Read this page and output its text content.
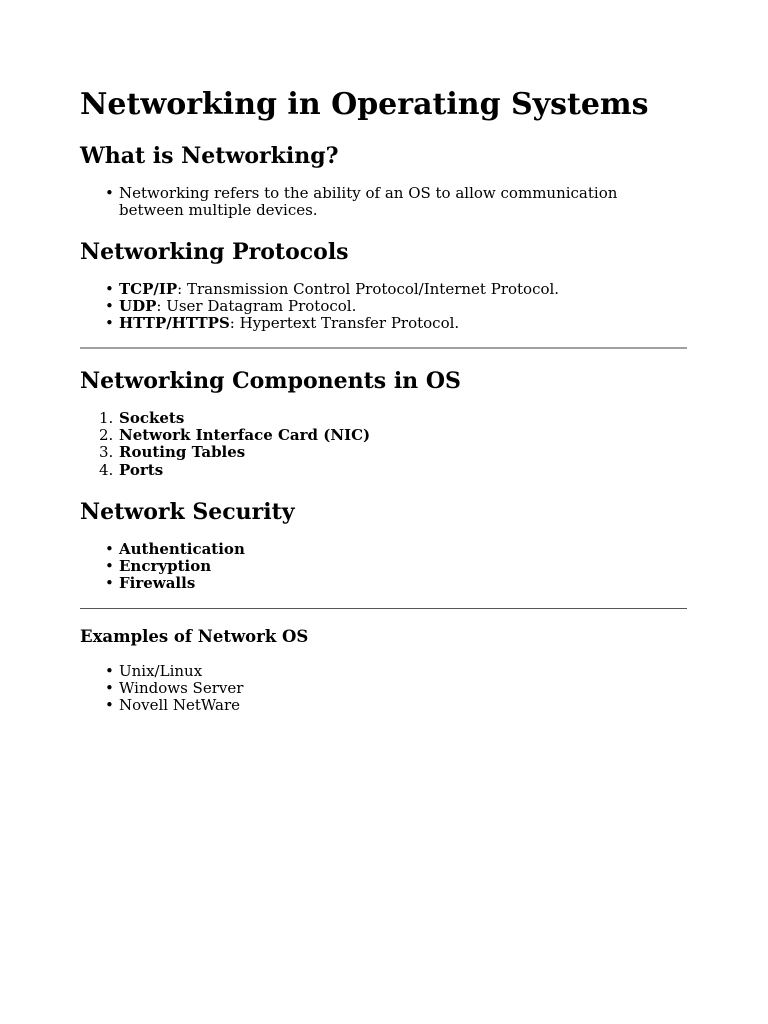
Networking in Operating Systems
What is Networking?
• Networking refers to the ability of an OS to allow communication between multiple devices.
Networking Protocols
• TCP/IP: Transmission Control Protocol/Internet Protocol.
• UDP: User Datagram Protocol.
• HTTP/HTTPS: Hypertext Transfer Protocol.
Networking Components in OS
1. Sockets
2. Network Interface Card (NIC)
3. Routing Tables
4. Ports
Network Security
• Authentication
• Encryption
• Firewalls
Examples of Network OS
• Unix/Linux
• Windows Server
• Novell NetWare
